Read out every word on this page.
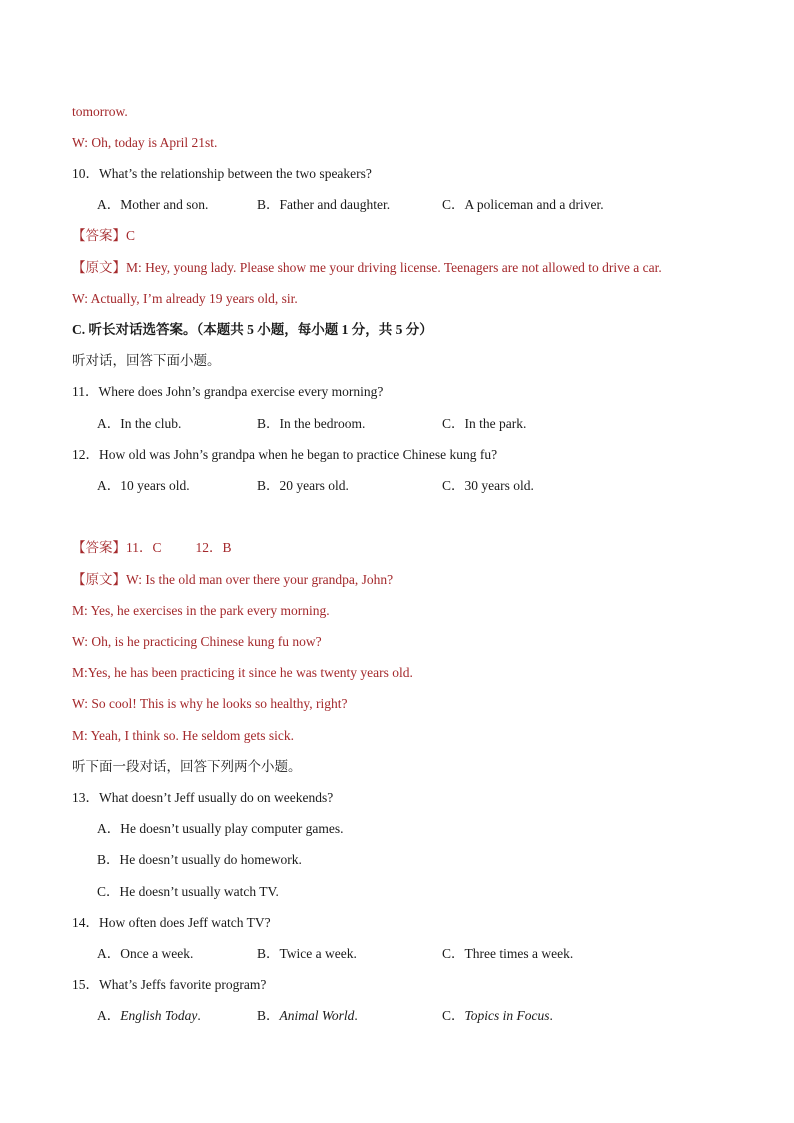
tomorrow.
W: Oh, today is April 21st.
10．What’s the relationship between the two speakers?
A．Mother and son.	B．Father and daughter.	C．A policeman and a driver.
【答案】C
【原文】M: Hey, young lady. Please show me your driving license. Teenagers are not allowed to drive a car.
W: Actually, I’m already 19 years old, sir.
C. 听长对话选答案。（本题共 5 小题，每小题 1 分，共 5 分）
听对话，回答下面小题。
11．Where does John’s grandpa exercise every morning?
A．In the club.	B．In the bedroom.	C．In the park.
12．How old was John’s grandpa when he began to practice Chinese kung fu?
A．10 years old.	B．20 years old.	C．30 years old.
【答案】11．C	12．B
【原文】W: Is the old man over there your grandpa, John?
M: Yes, he exercises in the park every morning.
W: Oh, is he practicing Chinese kung fu now?
M:Yes, he has been practicing it since he was twenty years old.
W: So cool! This is why he looks so healthy, right?
M: Yeah, I think so. He seldom gets sick.
听下面一段对话，回答下列两个小题。
13．What doesn’t Jeff usually do on weekends?
A．He doesn’t usually play computer games.
B．He doesn’t usually do homework.
C．He doesn’t usually watch TV.
14．How often does Jeff watch TV?
A．Once a week.	B．Twice a week.	C．Three times a week.
15．What’s Jeffs favorite program?
A．English Today.	B．Animal World.	C．Topics in Focus.
